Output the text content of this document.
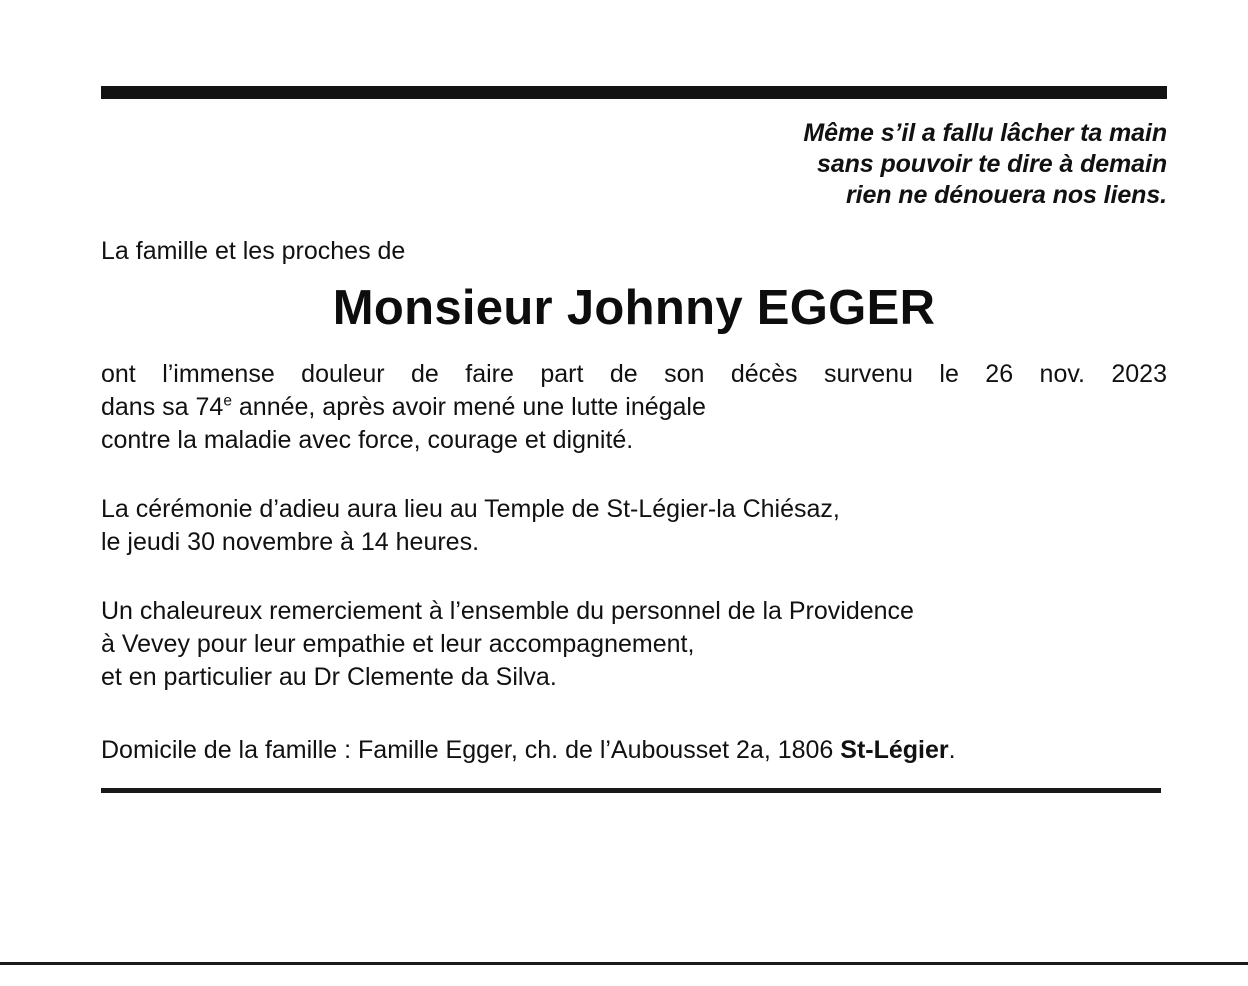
Même s’il a fallu lâcher ta main
sans pouvoir te dire à demain
rien ne dénouera nos liens.
La famille et les proches de
Monsieur Johnny EGGER
ont l’immense douleur de faire part de son décès survenu le 26 nov. 2023
dans sa 74e année, après avoir mené une lutte inégale
contre la maladie avec force, courage et dignité.
La cérémonie d’adieu aura lieu au Temple de St-Légier-la Chiésaz,
le jeudi 30 novembre à 14 heures.
Un chaleureux remerciement à l’ensemble du personnel de la Providence
à Vevey pour leur empathie et leur accompagnement,
et en particulier au Dr Clemente da Silva.
Domicile de la famille : Famille Egger, ch. de l’Aubousset 2a, 1806 St-Légier.
